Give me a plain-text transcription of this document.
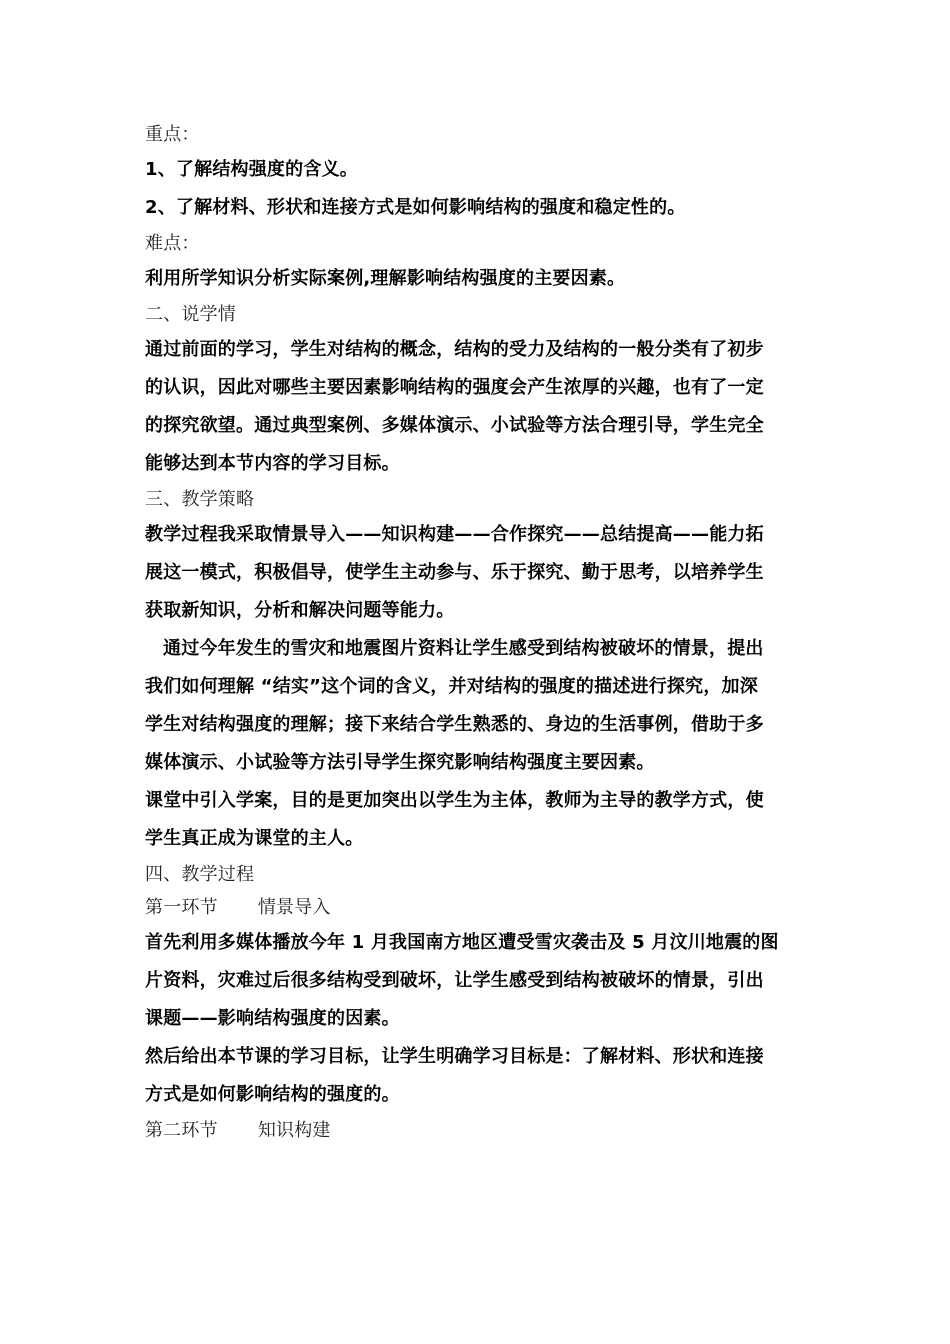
重点：
1、了解结构强度的含义。
2、了解材料、形状和连接方式是如何影响结构的强度和稳定性的。
难点：
利用所学知识分析实际案例,理解影响结构强度的主要因素。
二、说学情
通过前面的学习，学生对结构的概念，结构的受力及结构的一般分类有了初步
的认识，因此对哪些主要因素影响结构的强度会产生浓厚的兴趣，也有了一定
的探究欲望。通过典型案例、多媒体演示、小试验等方法合理引导，学生完全
能够达到本节内容的学习目标。
三、教学策略
教学过程我采取情景导入——知识构建——合作探究——总结提高——能力拓
展这一模式，积极倡导，使学生主动参与、乐于探究、勤于思考，以培养学生
获取新知识，分析和解决问题等能力。
通过今年发生的雪灾和地震图片资料让学生感受到结构被破坏的情景，提出
我们如何理解 “结实”这个词的含义，并对结构的强度的描述进行探究，加深
学生对结构强度的理解；接下来结合学生熟悉的、身边的生活事例，借助于多
媒体演示、小试验等方法引导学生探究影响结构强度主要因素。
课堂中引入学案，目的是更加突出以学生为主体，教师为主导的教学方式，使
学生真正成为课堂的主人。
四、教学过程
第一环节 情景导入
首先利用多媒体播放今年 1 月我国南方地区遭受雪灾袭击及 5 月汶川地震的图
片资料，灾难过后很多结构受到破坏，让学生感受到结构被破坏的情景，引出
课题——影响结构强度的因素。
然后给出本节课的学习目标，让学生明确学习目标是：了解材料、形状和连接
方式是如何影响结构的强度的。
第二环节 知识构建
